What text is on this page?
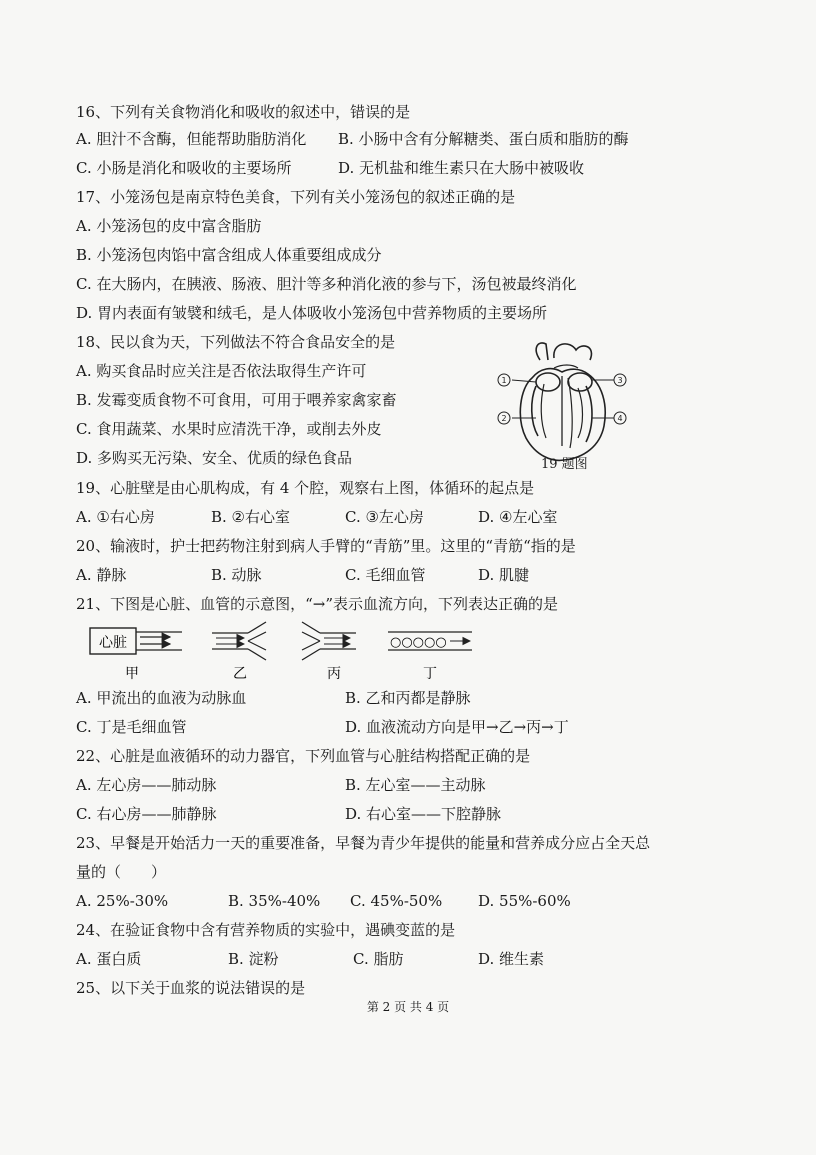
16、下列有关食物消化和吸收的叙述中，错误的是
A. 胆汁不含酶，但能帮助脂肪消化 B. 小肠中含有分解糖类、蛋白质和脂肪的酶
C. 小肠是消化和吸收的主要场所	D. 无机盐和维生素只在大肠中被吸收
17、小笼汤包是南京特色美食，下列有关小笼汤包的叙述正确的是
A. 小笼汤包的皮中富含脂肪
B. 小笼汤包肉馅中富含组成人体重要组成成分
C. 在大肠内，在胰液、肠液、胆汁等多种消化液的参与下，汤包被最终消化
D. 胃内表面有皱襞和绒毛，是人体吸收小笼汤包中营养物质的主要场所
18、民以食为天，下列做法不符合食品安全的是
A. 购买食品时应关注是否依法取得生产许可
B. 发霉变质食物不可食用，可用于喂养家禽家畜
C. 食用蔬菜、水果时应清洗干净，或削去外皮
D. 多购买无污染、安全、优质的绿色食品
1
2
3
4
19 题图
19、心脏壁是由心肌构成，有 4 个腔，观察右上图，体循环的起点是
A. ①右心房	B. ②右心室	C. ③左心房	D. ④左心室
20、输液时，护士把药物注射到病人手臂的“青筋”里。这里的“青筋“指的是
A. 静脉	B. 动脉	C. 毛细血管	D. 肌腱
21、下图是心脏、血管的示意图，“→”表示血流方向，下列表达正确的是
心脏	○○○○○
甲	乙	丙	丁
A. 甲流出的血液为动脉血	B. 乙和丙都是静脉
C. 丁是毛细血管	D. 血液流动方向是甲→乙→丙→丁
22、心脏是血液循环的动力器官，下列血管与心脏结构搭配正确的是
A. 左心房——肺动脉	B. 左心室——主动脉
C. 右心房——肺静脉	D. 右心室——下腔静脉
23、早餐是开始活力一天的重要准备，早餐为青少年提供的能量和营养成分应占全天总
量的（　　）
A. 25%-30%	B. 35%-40% C. 45%-50% D. 55%-60%
24、在验证食物中含有营养物质的实验中，遇碘变蓝的是
A. 蛋白质	B. 淀粉	C. 脂肪	D. 维生素
25、以下关于血浆的说法错误的是
第 2 页 共 4 页
